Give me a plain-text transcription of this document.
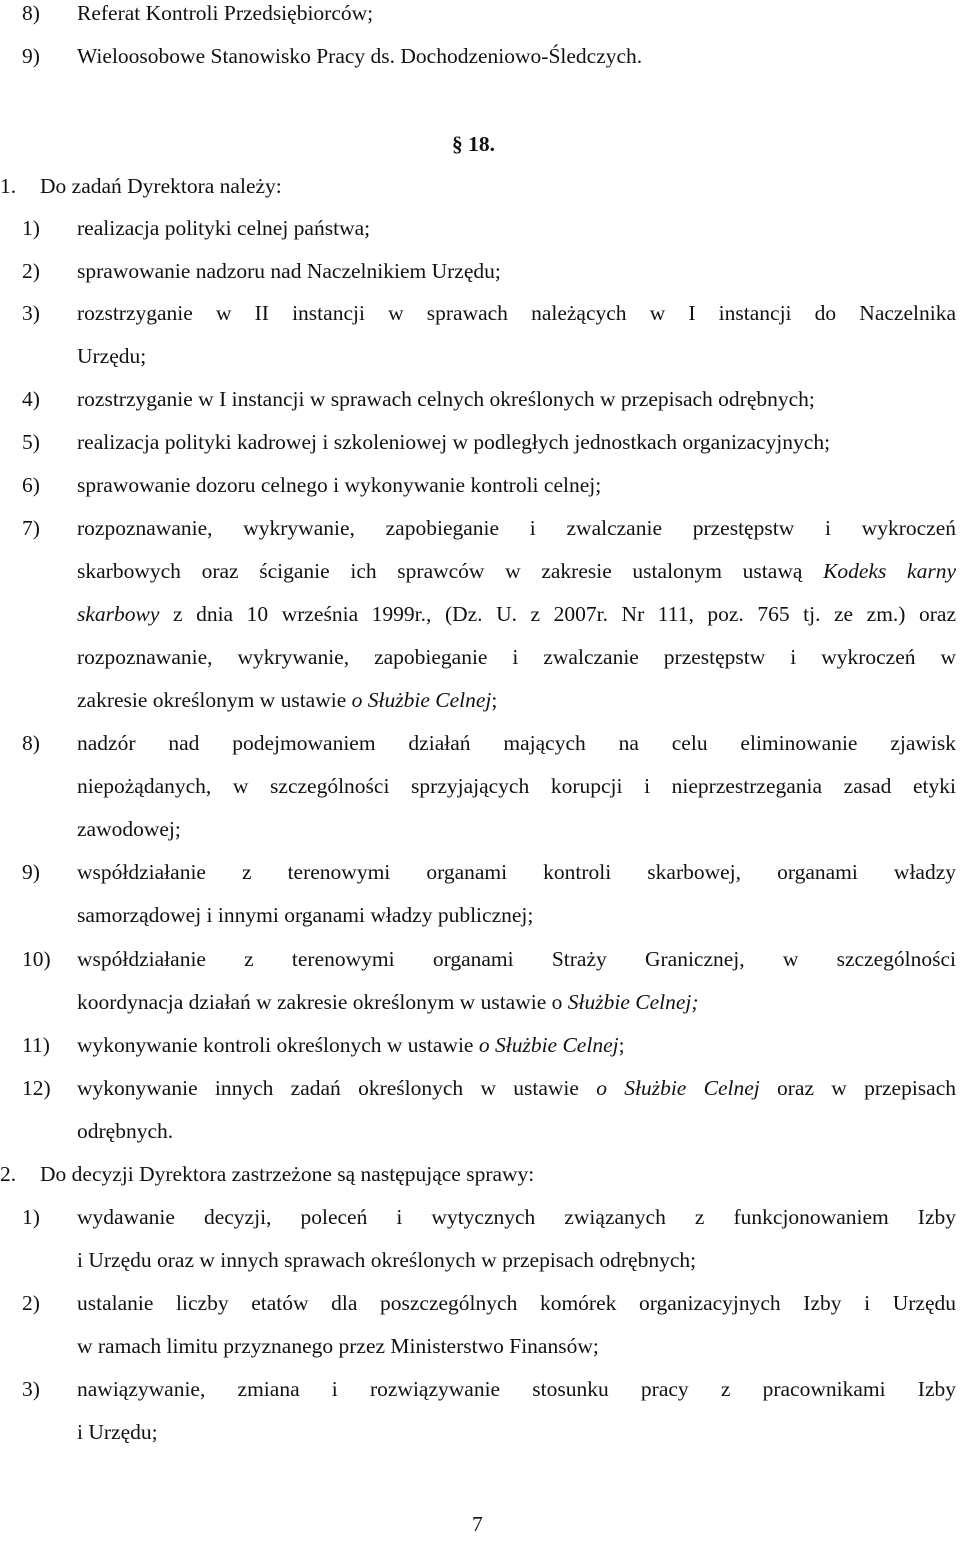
8) Referat Kontroli Przedsiębiorców;
9) Wieloosobowe Stanowisko Pracy ds. Dochodzeniowo-Śledczych.
§ 18.
1. Do zadań Dyrektora należy:
1) realizacja polityki celnej państwa;
2) sprawowanie nadzoru nad Naczelnikiem Urzędu;
3) rozstrzyganie w II instancji w sprawach należących w I instancji do Naczelnika
Urzędu;
4) rozstrzyganie w I instancji w sprawach celnych określonych w przepisach odrębnych;
5) realizacja polityki kadrowej i szkoleniowej w podległych jednostkach organizacyjnych;
6) sprawowanie dozoru celnego i wykonywanie kontroli celnej;
7) rozpoznawanie, wykrywanie, zapobieganie i zwalczanie przestępstw i wykroczeń
skarbowych oraz ściganie ich sprawców w zakresie ustalonym ustawą Kodeks karny
skarbowy z dnia 10 września 1999r., (Dz. U. z 2007r. Nr 111, poz. 765 tj. ze zm.) oraz
rozpoznawanie, wykrywanie, zapobieganie i zwalczanie przestępstw i wykroczeń w
zakresie określonym w ustawie o Służbie Celnej;
8) nadzór nad podejmowaniem działań mających na celu eliminowanie zjawisk
niepożądanych, w szczególności sprzyjających korupcji i nieprzestrzegania zasad etyki
zawodowej;
9) współdziałanie z terenowymi organami kontroli skarbowej, organami władzy
samorządowej i innymi organami władzy publicznej;
10) współdziałanie z terenowymi organami Straży Granicznej, w szczególności
koordynacja działań w zakresie określonym w ustawie o Służbie Celnej;
11) wykonywanie kontroli określonych w ustawie o Służbie Celnej;
12) wykonywanie innych zadań określonych w ustawie o Służbie Celnej oraz w przepisach
odrębnych.
2. Do decyzji Dyrektora zastrzeżone są następujące sprawy:
1) wydawanie decyzji, poleceń i wytycznych związanych z funkcjonowaniem Izby
i Urzędu oraz w innych sprawach określonych w przepisach odrębnych;
2) ustalanie liczby etatów dla poszczególnych komórek organizacyjnych Izby i Urzędu
w ramach limitu przyznanego przez Ministerstwo Finansów;
3) nawiązywanie, zmiana i rozwiązywanie stosunku pracy z pracownikami Izby
i Urzędu;
7
